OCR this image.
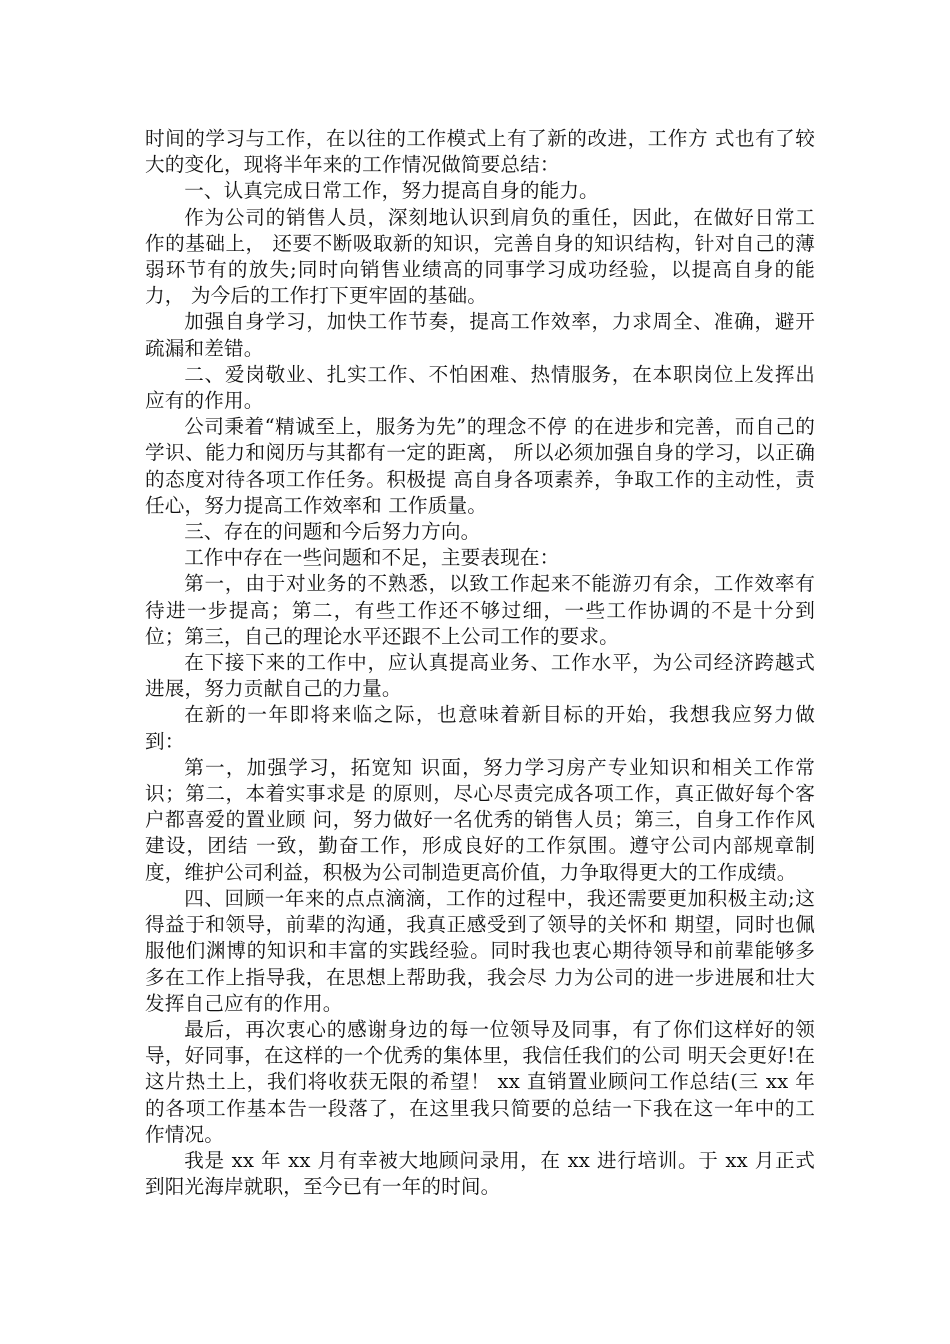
时间的学习与工作，在以往的工作模式上有了新的改进，工作方 式也有了较大的变化，现将半年来的工作情况做简要总结：

一、认真完成日常工作，努力提高自身的能力。

作为公司的销售人员，深刻地认识到肩负的重任，因此，在做好日常工作的基础上， 还要不断吸取新的知识，完善自身的知识结构，针对自己的薄弱环节有的放失;同时向销售业绩高的同事学习成功经验，以提高自身的能 力， 为今后的工作打下更牢固的基础。

加强自身学习，加快工作节奏，提高工作效率，力求周全、准确，避开疏漏和差错。

二、爱岗敬业、扎实工作、不怕困难、热情服务，在本职岗位上发挥出应有的作用。

公司秉着“精诚至上，服务为先”的理念不停 的在进步和完善，而自己的学识、能力和阅历与其都有一定的距离， 所以必须加强自身的学习，以正确的态度对待各项工作任务。积极提 高自身各项素养，争取工作的主动性，责任心，努力提高工作效率和 工作质量。

三、存在的问题和今后努力方向。

工作中存在一些问题和不足，主要表现在：

第一，由于对业务的不熟悉，以致工作起来不能游刃有余，工作效率有待进一步提高；第二，有些工作还不够过细，一些工作协调的不是十分到位；第三，自己的理论水平还跟不上公司工作的要求。

在下接下来的工作中，应认真提高业务、工作水平，为公司经济跨越式进展，努力贡献自己的力量。

在新的一年即将来临之际，也意味着新目标的开始，我想我应努力做到：

第一，加强学习，拓宽知 识面，努力学习房产专业知识和相关工作常识；第二，本着实事求是 的原则，尽心尽责完成各项工作，真正做好每个客户都喜爱的置业顾 问，努力做好一名优秀的销售人员；第三，自身工作作风建设，团结 一致，勤奋工作，形成良好的工作氛围。遵守公司内部规章制度，维护公司利益，积极为公司制造更高价值，力争取得更大的工作成绩。

四、回顾一年来的点点滴滴，工作的过程中，我还需要更加积极主动;这得益于和领导，前辈的沟通，我真正感受到了领导的关怀和 期望，同时也佩服他们渊博的知识和丰富的实践经验。同时我也衷心期待领导和前辈能够多多在工作上指导我，在思想上帮助我，我会尽 力为公司的进一步进展和壮大发挥自己应有的作用。

最后，再次衷心的感谢身边的每一位领导及同事，有了你们这样好的领导，好同事，在这样的一个优秀的集体里，我信任我们的公司 明天会更好!在这片热土上，我们将收获无限的希望！ xx 直销置业顾问工作总结(三 xx 年的各项工作基本告一段落了，在这里我只简要的总结一下我在这一年中的工作情况。

我是 xx 年 xx 月有幸被大地顾问录用，在 xx 进行培训。于 xx 月正式到阳光海岸就职，至今已有一年的时间。
